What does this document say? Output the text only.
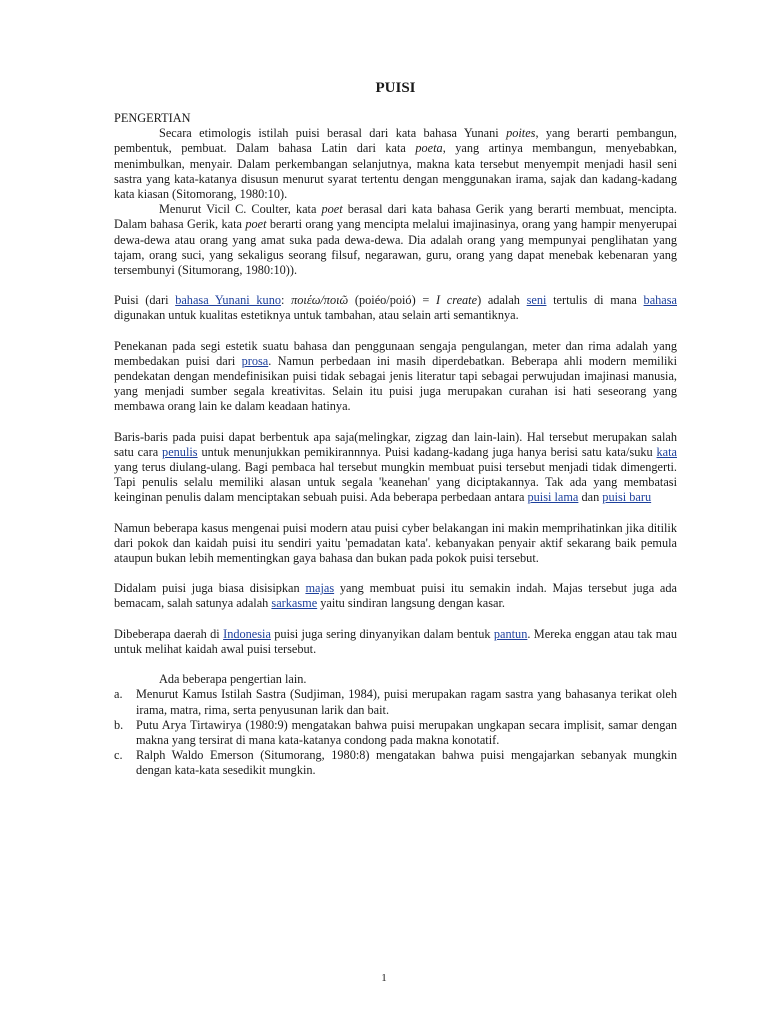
PUISI
PENGERTIAN

Secara etimologis istilah puisi berasal dari kata bahasa Yunani poites, yang berarti pembangun, pembentuk, pembuat. Dalam bahasa Latin dari kata poeta, yang artinya membangun, menyebabkan, menimbulkan, menyair. Dalam perkembangan selanjutnya, makna kata tersebut menyempit menjadi hasil seni sastra yang kata-katanya disusun menurut syarat tertentu dengan menggunakan irama, sajak dan kadang-kadang kata kiasan (Sitomorang, 1980:10).

Menurut Vicil C. Coulter, kata poet berasal dari kata bahasa Gerik yang berarti membuat, mencipta. Dalam bahasa Gerik, kata poet berarti orang yang mencipta melalui imajinasinya, orang yang hampir menyerupai dewa-dewa atau orang yang amat suka pada dewa-dewa. Dia adalah orang yang mempunyai penglihatan yang tajam, orang suci, yang sekaligus seorang filsuf, negarawan, guru, orang yang dapat menebak kebenaran yang tersembunyi (Situmorang, 1980:10)).

Puisi (dari bahasa Yunani kuno: ποιέω/ποιῶ (poiéo/poió) = I create) adalah seni tertulis di mana bahasa digunakan untuk kualitas estetiknya untuk tambahan, atau selain arti semantiknya.

Penekanan pada segi estetik suatu bahasa dan penggunaan sengaja pengulangan, meter dan rima adalah yang membedakan puisi dari prosa. Namun perbedaan ini masih diperdebatkan. Beberapa ahli modern memiliki pendekatan dengan mendefinisikan puisi tidak sebagai jenis literatur tapi sebagai perwujudan imajinasi manusia, yang menjadi sumber segala kreativitas. Selain itu puisi juga merupakan curahan isi hati seseorang yang membawa orang lain ke dalam keadaan hatinya.

Baris-baris pada puisi dapat berbentuk apa saja(melingkar, zigzag dan lain-lain). Hal tersebut merupakan salah satu cara penulis untuk menunjukkan pemikirannnya. Puisi kadang-kadang juga hanya berisi satu kata/suku kata yang terus diulang-ulang. Bagi pembaca hal tersebut mungkin membuat puisi tersebut menjadi tidak dimengerti. Tapi penulis selalu memiliki alasan untuk segala 'keanehan' yang diciptakannya. Tak ada yang membatasi keinginan penulis dalam menciptakan sebuah puisi. Ada beberapa perbedaan antara puisi lama dan puisi baru

Namun beberapa kasus mengenai puisi modern atau puisi cyber belakangan ini makin memprihatinkan jika ditilik dari pokok dan kaidah puisi itu sendiri yaitu 'pemadatan kata'. kebanyakan penyair aktif sekarang baik pemula ataupun bukan lebih mementingkan gaya bahasa dan bukan pada pokok puisi tersebut.

Didalam puisi juga biasa disisipkan majas yang membuat puisi itu semakin indah. Majas tersebut juga ada bemacam, salah satunya adalah sarkasme yaitu sindiran langsung dengan kasar.

Dibeberapa daerah di Indonesia puisi juga sering dinyanyikan dalam bentuk pantun. Mereka enggan atau tak mau untuk melihat kaidah awal puisi tersebut.

Ada beberapa pengertian lain.

a. Menurut Kamus Istilah Sastra (Sudjiman, 1984), puisi merupakan ragam sastra yang bahasanya terikat oleh irama, matra, rima, serta penyusunan larik dan bait.
b. Putu Arya Tirtawirya (1980:9) mengatakan bahwa puisi merupakan ungkapan secara implisit, samar dengan makna yang tersirat di mana kata-katanya condong pada makna konotatif.
c. Ralph Waldo Emerson (Situmorang, 1980:8) mengatakan bahwa puisi mengajarkan sebanyak mungkin dengan kata-kata sesedikit mungkin.
1
